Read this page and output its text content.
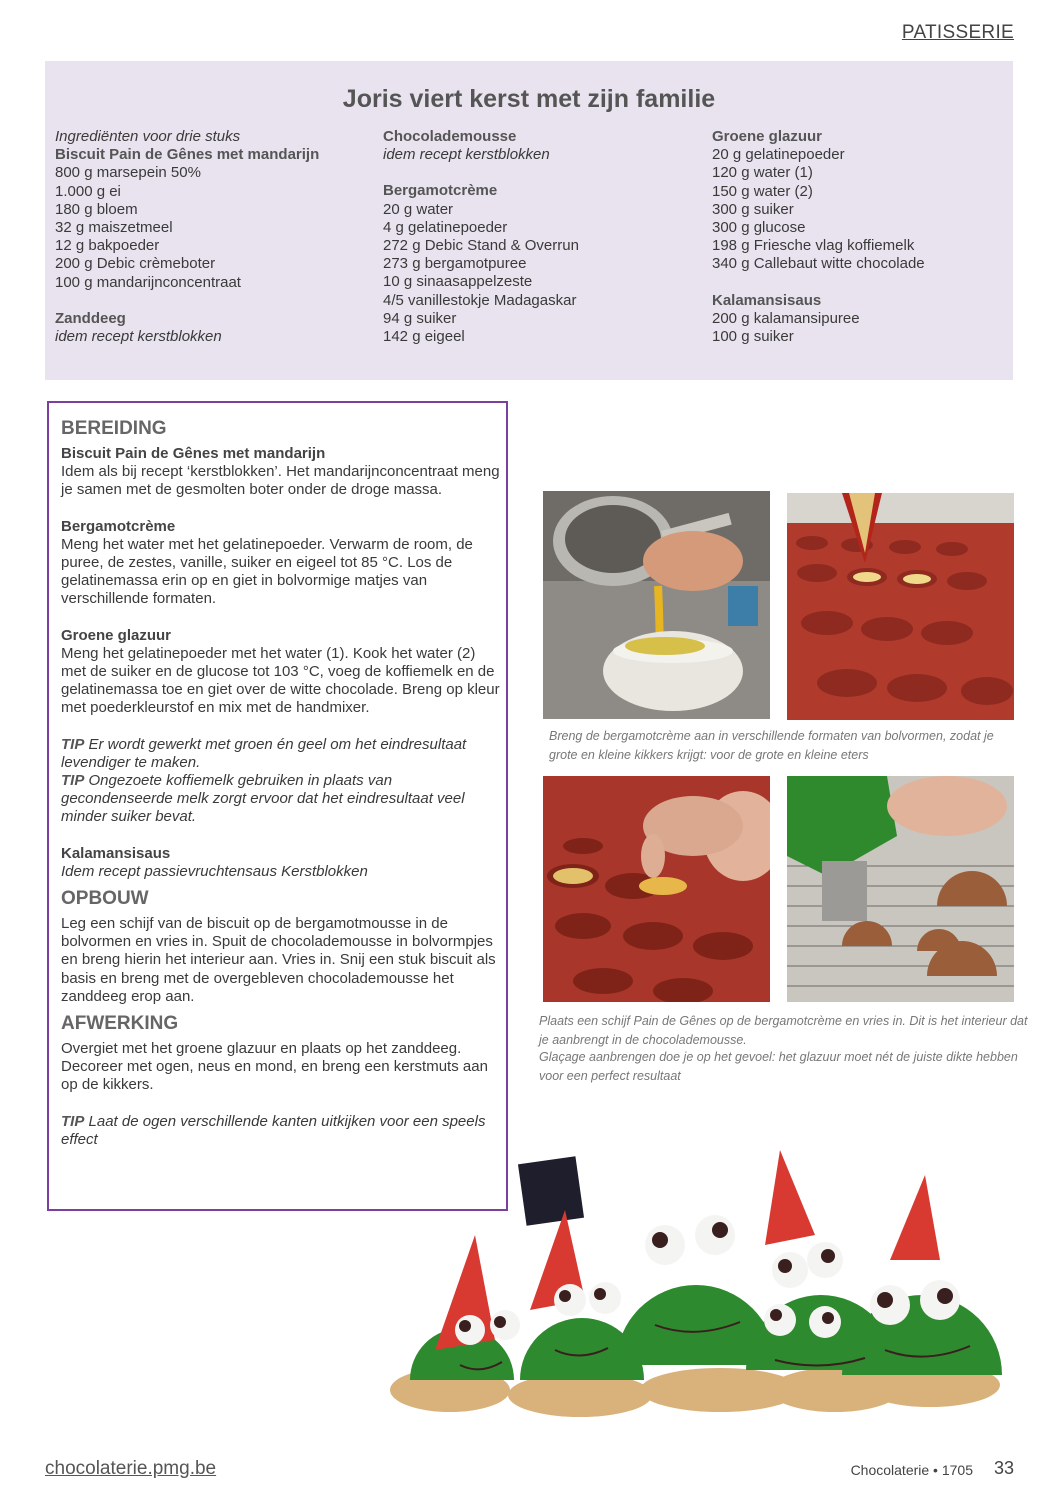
PATISSERIE
Joris viert kerst met zijn familie
Ingrediënten voor drie stuks
Biscuit Pain de Gênes met mandarijn
800 g marsepein 50%
1.000 g ei
180 g bloem
32 g maiszetmeel
12 g bakpoeder
200 g Debic crèmeboter
100 g mandarijnconcentraat
Zanddeeg
idem recept kerstblokken
Chocolademousse
idem recept kerstblokken
Bergamotcrème
20 g water
4 g gelatinepoeder
272 g Debic Stand & Overrun
273 g bergamotpuree
10 g sinaasappelzeste
4/5 vanillestokje Madagaskar
94 g suiker
142 g eigeel
Groene glazuur
20 g gelatinepoeder
120 g water (1)
150 g water (2)
300 g suiker
300 g glucose
198 g Friesche vlag koffiemelk
340 g Callebaut witte chocolade
Kalamansisaus
200 g kalamansipuree
100 g suiker
BEREIDING
Biscuit Pain de Gênes met mandarijn

Idem als bij recept ‘kerstblokken’. Het mandarijnconcentraat meng je samen met de gesmolten boter onder de droge massa.

Bergamotcrème

Meng het water met het gelatinepoeder. Verwarm de room, de puree, de zestes, vanille, suiker en eigeel tot 85 °C. Los de gelatinemassa erin op en giet in bolvormige matjes van verschillende formaten.

Groene glazuur

Meng het gelatinepoeder met het water (1). Kook het water (2) met de suiker en de glucose tot 103 °C, voeg de koffiemelk en de gelatinemassa toe en giet over de witte chocolade. Breng op kleur met poederkleurstof en mix met de handmixer.

TIP Er wordt gewerkt met groen én geel om het eindresultaat levendiger te maken.

TIP Ongezoete koffiemelk gebruiken in plaats van gecondenseerde melk zorgt ervoor dat het eindresultaat veel minder suiker bevat.

Kalamansisaus

Idem recept passievruchtensaus Kerstblokken

OPBOUW

Leg een schijf van de biscuit op de bergamotmousse in de bolvormen en vries in. Spuit de chocolademousse in bolvormpjes en breng hierin het interieur aan. Vries in. Snij een stuk biscuit als basis en breng met de overgebleven chocolademousse het zanddeeg erop aan.

AFWERKING

Overgiet met het groene glazuur en plaats op het zanddeeg. Decoreer met ogen, neus en mond, en breng een kerstmuts aan op de kikkers.

TIP Laat de ogen verschillende kanten uitkijken voor een speels effect

Breng de bergamotcrème aan in verschillende formaten van bolvormen, zodat je grote en kleine kikkers krijgt: voor de grote en kleine eters
Plaats een schijf Pain de Gênes op de bergamotcrème en vries in. Dit is het interieur dat je aanbrengt in de chocolademousse.
Glaçage aanbrengen doe je op het gevoel: het glazuur moet nét de juiste dikte hebben voor een perfect resultaat
chocolaterie.pmg.be	Chocolaterie • 1705 33
